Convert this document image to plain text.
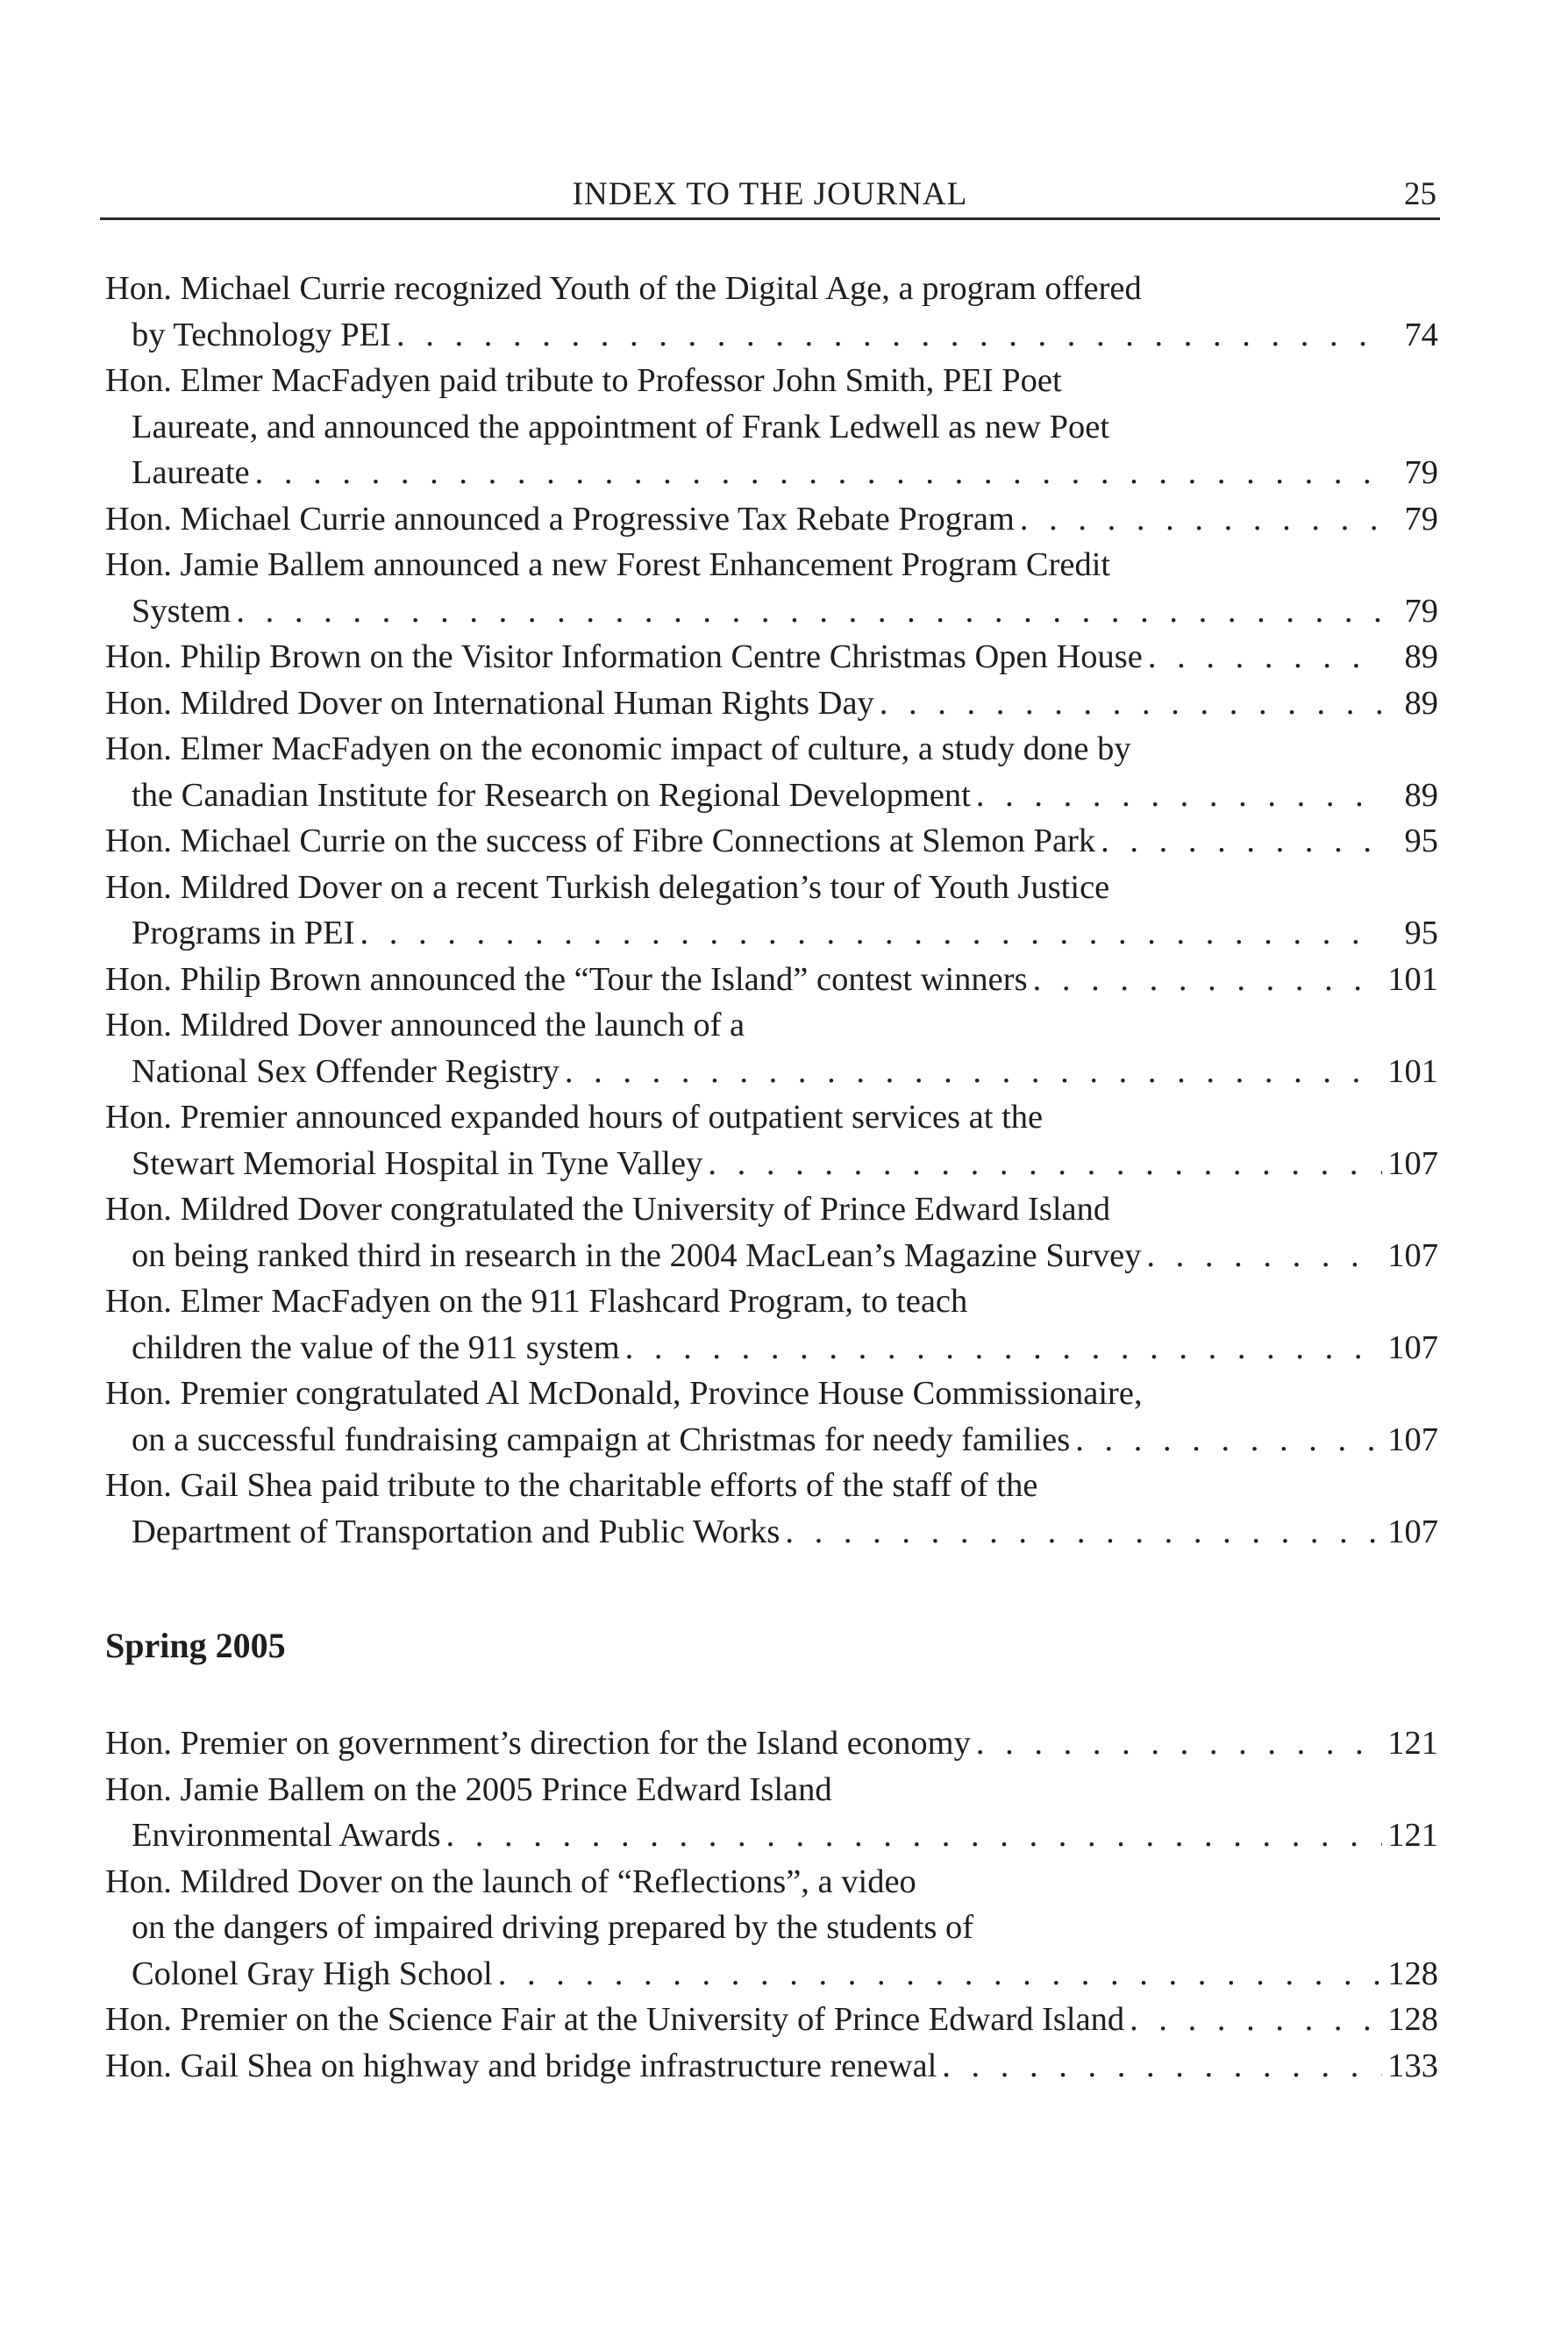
INDEX TO THE JOURNAL	25
Hon. Michael Currie recognized Youth of the Digital Age, a program offered
by Technology PEI . . .	74
Hon. Elmer MacFadyen paid tribute to Professor John Smith, PEI Poet
Laureate, and announced the appointment of Frank Ledwell as new Poet
Laureate . . .	79
Hon. Michael Currie announced a Progressive Tax Rebate Program . . .	79
Hon. Jamie Ballem announced a new Forest Enhancement Program Credit
System . . .	79
Hon. Philip Brown on the Visitor Information Centre Christmas Open House . . .	89
Hon. Mildred Dover on International Human Rights Day . . .	89
Hon. Elmer MacFadyen on the economic impact of culture, a study done by
the Canadian Institute for Research on Regional Development . . .	89
Hon. Michael Currie on the success of Fibre Connections at Slemon Park . . .	95
Hon. Mildred Dover on a recent Turkish delegation’s tour of Youth Justice
Programs in PEI . . .	95
Hon. Philip Brown announced the “Tour the Island” contest winners . . .	101
Hon. Mildred Dover announced the launch of a
National Sex Offender Registry . . .	101
Hon. Premier announced expanded hours of outpatient services at the
Stewart Memorial Hospital in Tyne Valley . . .	107
Hon. Mildred Dover congratulated the University of Prince Edward Island
on being ranked third in research in the 2004 MacLean’s Magazine Survey . . .	107
Hon. Elmer MacFadyen on the 911 Flashcard Program, to teach
children the value of the 911 system . . .	107
Hon. Premier congratulated Al McDonald, Province House Commissionaire,
on a successful fundraising campaign at Christmas for needy families . . .	107
Hon. Gail Shea paid tribute to the charitable efforts of the staff of the
Department of Transportation and Public Works . . .	107
Spring 2005
Hon. Premier on government’s direction for the Island economy . . .	121
Hon. Jamie Ballem on the 2005 Prince Edward Island
Environmental Awards . . .	121
Hon. Mildred Dover on the launch of “Reflections”, a video
on the dangers of impaired driving prepared by the students of
Colonel Gray High School . . .	128
Hon. Premier on the Science Fair at the University of Prince Edward Island . . .	128
Hon. Gail Shea on highway and bridge infrastructure renewal . . .	133
